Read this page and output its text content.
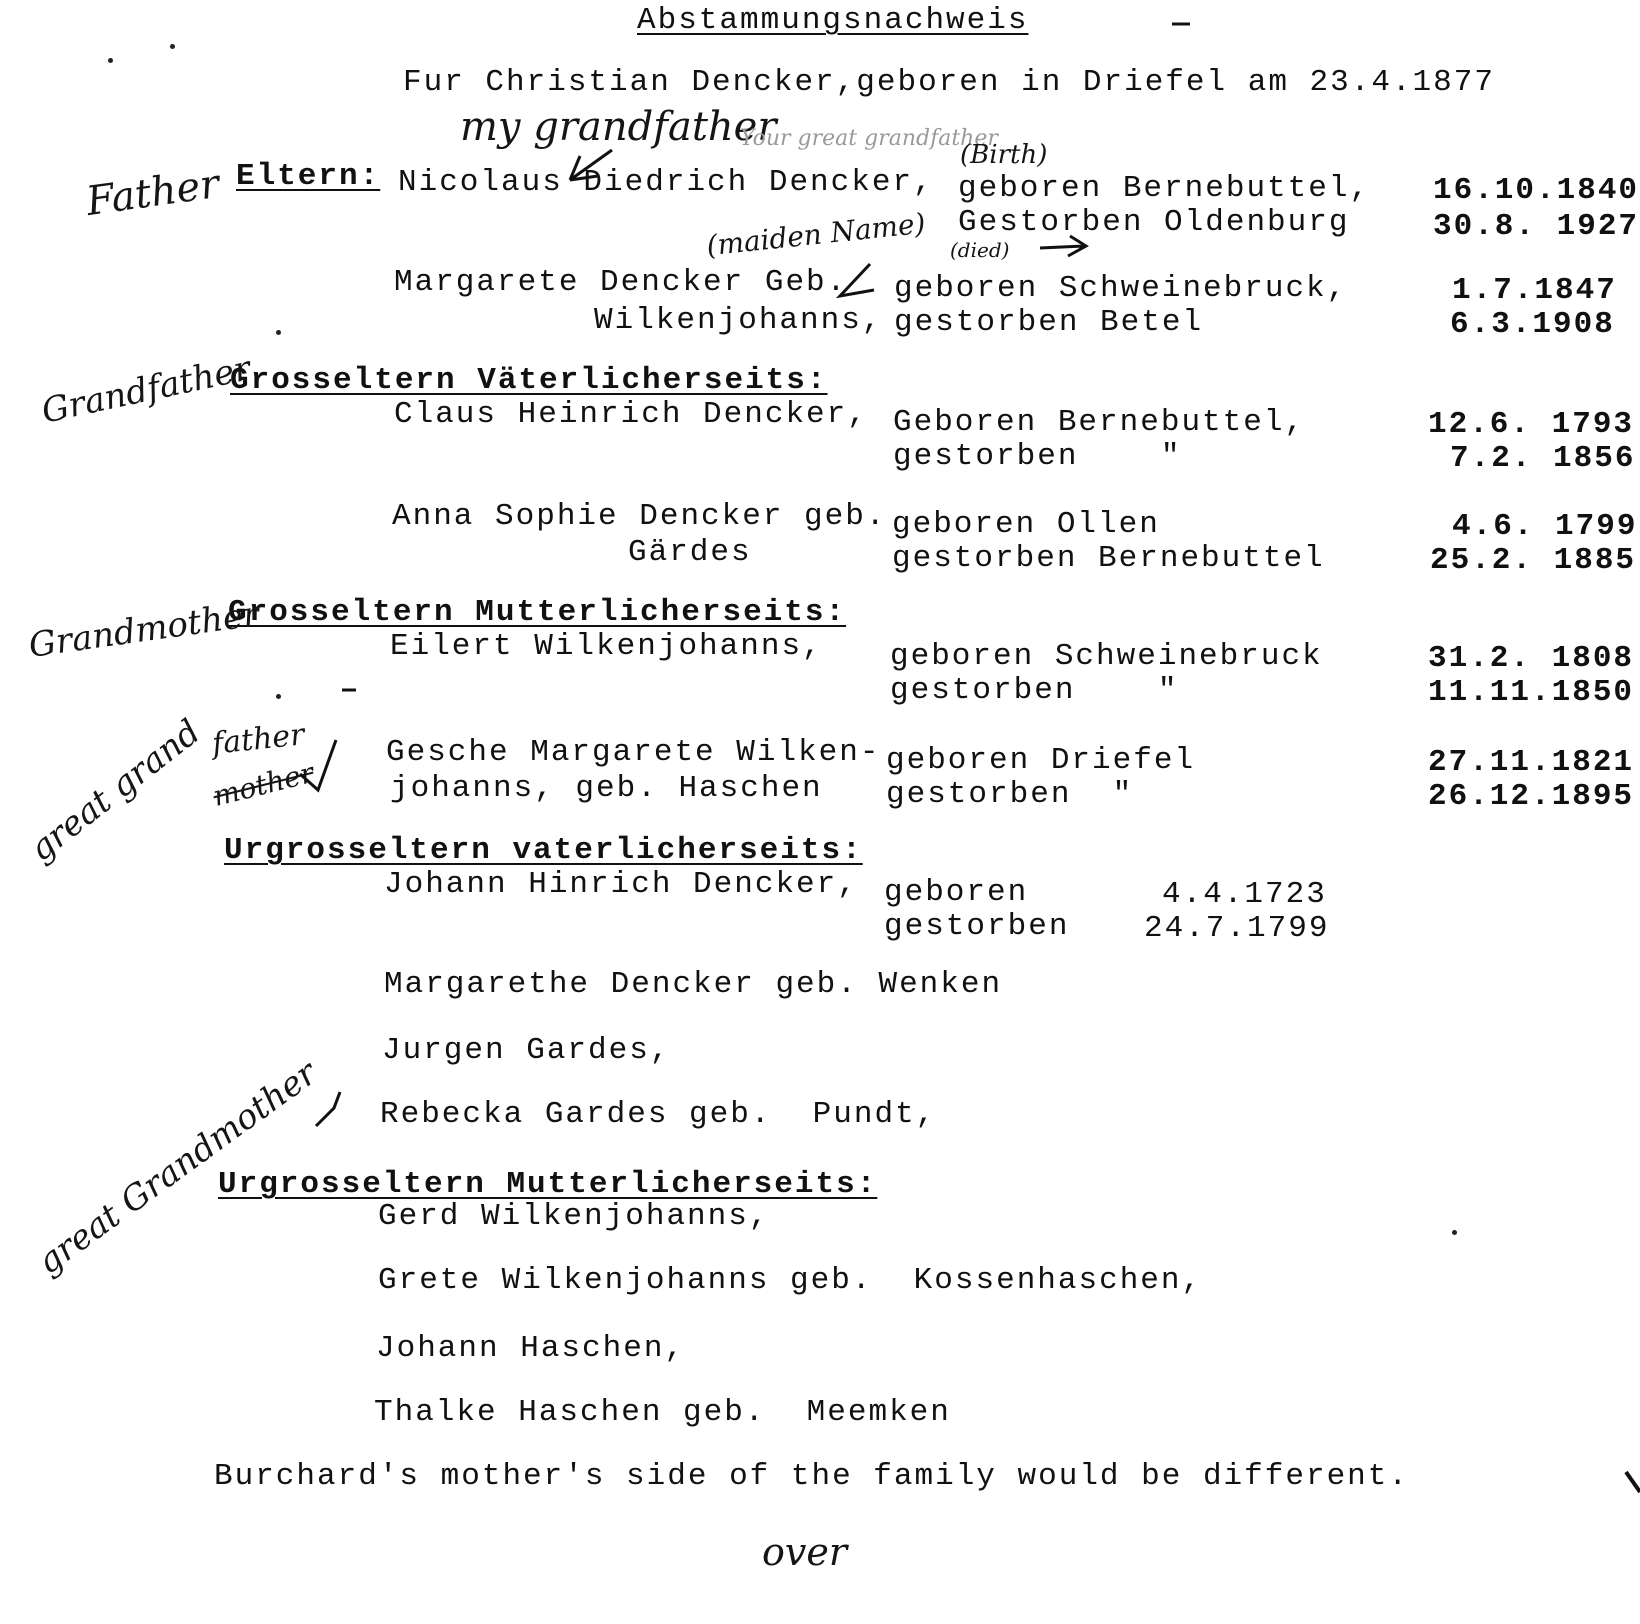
Abstammungsnachweis
Fur Christian Dencker,geboren in Driefel am 23.4.1877
Eltern: Nicolaus Diedrich Dencker, geboren Bernebuttel,
Gestorben Oldenburg
16.10.1840
30.8. 1927
Margarete Dencker Geb.
Wilkenjohanns,
geboren Schweinebruck,
gestorben Betel
1.7.1847
6.3.1908
Grosseltern Väterlicherseits:
Claus Heinrich Dencker, Geboren Bernebuttel,
gestorben    "
12.6. 1793
7.2. 1856
Anna Sophie Dencker geb.
Gärdes
geboren Ollen
gestorben Bernebuttel
4.6. 1799
25.2. 1885
Grosseltern Mutterlicherseits:
Eilert Wilkenjohanns, geboren Schweinebruck
gestorben    "
31.2. 1808
11.11.1850
Gesche Margarete Wilken-
johanns, geb. Haschen
geboren Driefel
gestorben  "
27.11.1821
26.12.1895
Urgrosseltern vaterlicherseits:
Johann Hinrich Dencker, geboren
gestorben
4.4.1723
24.7.1799
Margarethe Dencker geb. Wenken
Jurgen Gardes,
Rebecka Gardes geb.  Pundt,
Urgrosseltern Mutterlicherseits:
Gerd Wilkenjohanns,
Grete Wilkenjohanns geb.  Kossenhaschen,
Johann Haschen,
Thalke Haschen geb.  Meemken
Burchard's mother's side of the family would be different.
my grandfather
Your great grandfather
(Birth)
(maiden Name) (died)
Father
Grandfather
Grandmother
father
great grand mother
great Grandmother
over
